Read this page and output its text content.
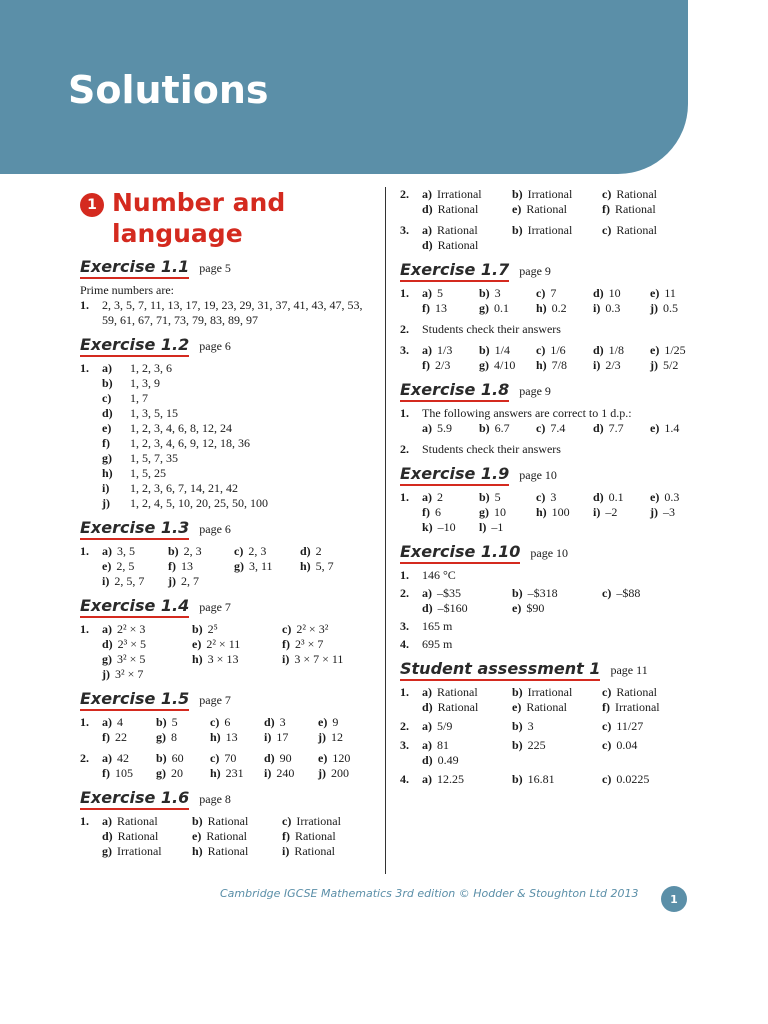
Solutions
1 Number and language
Exercise 1.1 page 5
Prime numbers are:
1.	2, 3, 5, 7, 11, 13, 17, 19, 23, 29, 31, 37, 41, 43, 47, 53, 59, 61, 67, 71, 73, 79, 83, 89, 97
Exercise 1.2 page 6
1.	a)	1, 2, 3, 6
b)	1, 3, 9
c)	1, 7
d)	1, 3, 5, 15
e)	1, 2, 3, 4, 6, 8, 12, 24
f)	1, 2, 3, 4, 6, 9, 12, 18, 36
g)	1, 5, 7, 35
h)	1, 5, 25
i)	1, 2, 3, 6, 7, 14, 21, 42
j)	1, 2, 4, 5, 10, 20, 25, 50, 100
Exercise 1.3 page 6
1.	a) 3, 5	b) 2, 3	c) 2, 3	d) 2
e) 2, 5	f) 13	g) 3, 11	h) 5, 7
i) 2, 5, 7	j) 2, 7
Exercise 1.4 page 7
1.	a) 2² × 3	b) 2⁵	c) 2² × 3²
d) 2³ × 5	e) 2² × 11	f) 2³ × 7
g) 3² × 5	h) 3 × 13	i) 3 × 7 × 11
j) 3² × 7
Exercise 1.5 page 7
1.	a) 4	b) 5	c) 6	d) 3	e) 9
f) 22	g) 8	h) 13	i) 17	j) 12
2.	a) 42	b) 60	c) 70	d) 90	e) 120
f) 105	g) 20	h) 231	i) 240	j) 200
Exercise 1.6 page 8
1.	a) Rational	b) Rational	c) Irrational
d) Rational	e) Rational	f) Rational
g) Irrational	h) Rational	i) Rational
2.	a) Irrational	b) Irrational	c) Rational
d) Rational	e) Rational	f) Rational
3.	a) Rational	b) Irrational	c) Rational
d) Rational
Exercise 1.7 page 9
1.	a) 5	b) 3	c) 7	d) 10	e) 11
f) 13	g) 0.1	h) 0.2	i) 0.3	j) 0.5
2.	Students check their answers
3.	a) 1/3	b) 1/4	c) 1/6	d) 1/8	e) 1/25
f) 2/3	g) 4/10	h) 7/8	i) 2/3	j) 5/2
Exercise 1.8 page 9
1.	The following answers are correct to 1 d.p.:
a) 5.9	b) 6.7	c) 7.4	d) 7.7	e) 1.4
2.	Students check their answers
Exercise 1.9 page 10
1.	a) 2	b) 5	c) 3	d) 0.1	e) 0.3
f) 6	g) 10	h) 100	i) –2	j) –3
k) –10	l) –1
Exercise 1.10 page 10
1.	146 °C
2.	a) –$35	b) –$318	c) –$88
d) –$160	e) $90
3.	165 m
4.	695 m
Student assessment 1 page 11
1.	a) Rational	b) Irrational	c) Rational
d) Rational	e) Rational	f) Irrational
2.	a) 5/9	b) 3	c) 11/27
3.	a) 81	b) 225	c) 0.04
d) 0.49
4.	a) 12.25	b) 16.81	c) 0.0225
Cambridge IGCSE Mathematics 3rd edition © Hodder & Stoughton Ltd 2013	1
